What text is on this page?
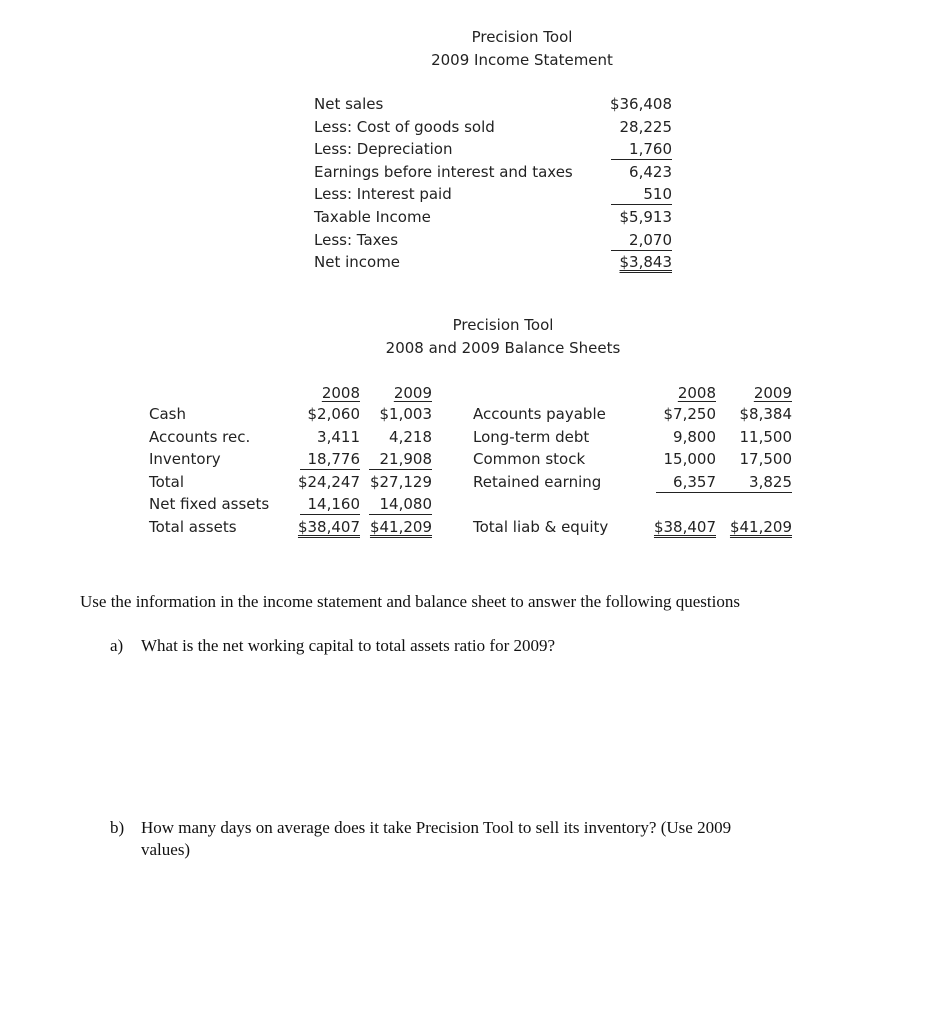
Precision Tool
2009 Income Statement
Net sales	$36,408
Less: Cost of goods sold	28,225
Less: Depreciation	1,760
Earnings before interest and taxes	6,423
Less: Interest paid	510
Taxable Income	$5,913
Less: Taxes	2,070
Net income	$3,843
Precision Tool
2008 and 2009 Balance Sheets
2008	2009
Cash	$2,060	$1,003
Accounts rec.	3,411	4,218
Inventory	18,776	21,908
Total	$24,247 $27,129
Net fixed assets	14,160	14,080
Total assets	$38,407 $41,209
2008	2009
Accounts payable	$7,250	$8,384
Long-term debt	9,800	11,500
Common stock	15,000	17,500
Retained earning	6,357	3,825
Total liab & equity	$38,407 $41,209
Use the information in the income statement and balance sheet to answer the following questions
a) What is the net working capital to total assets ratio for 2009?
b) How many days on average does it take Precision Tool to sell its inventory? (Use 2009
values)
